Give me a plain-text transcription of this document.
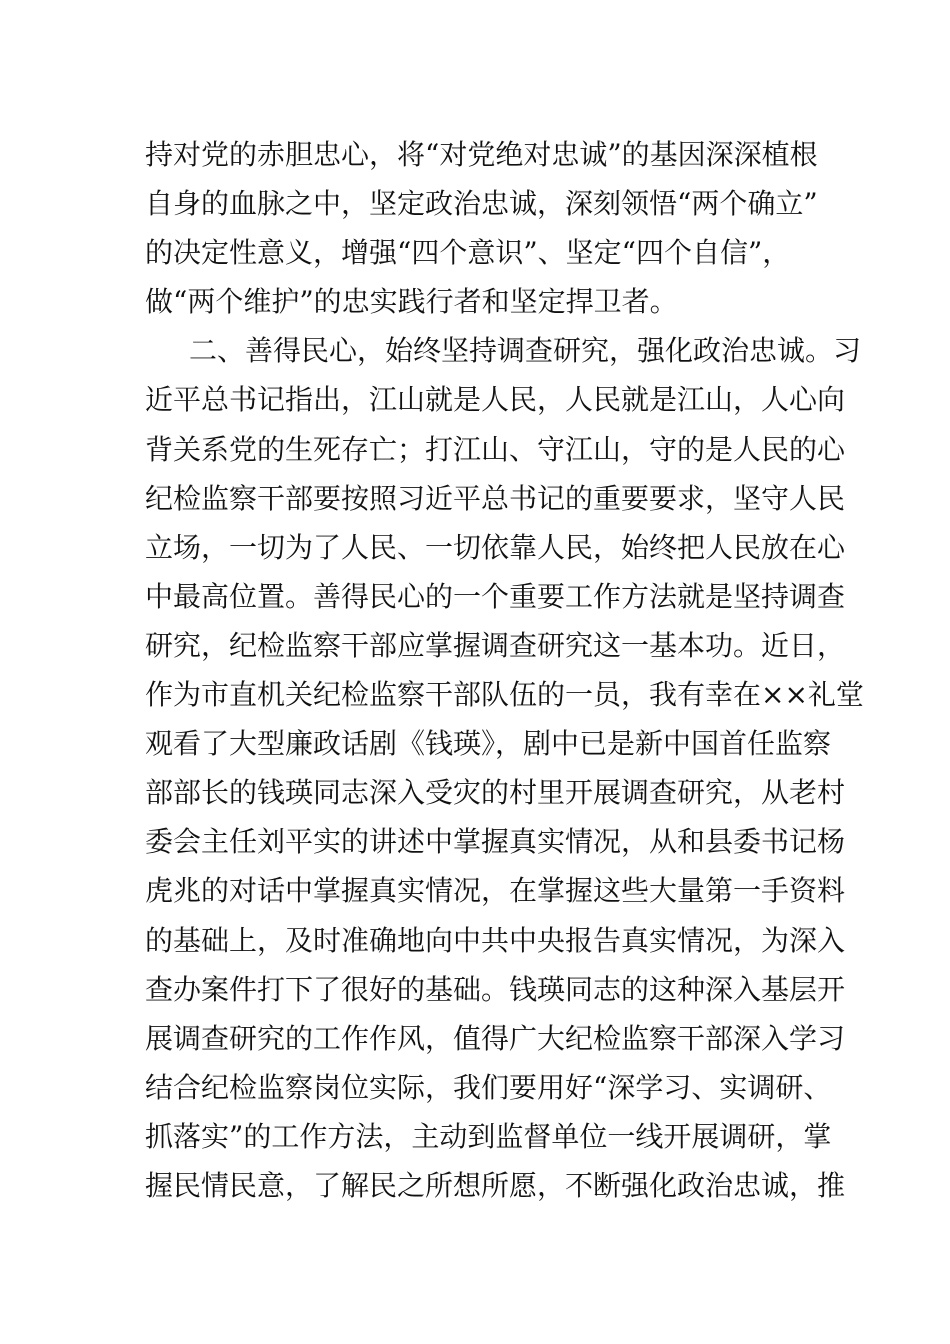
持对党的赤胆忠心，将“对党绝对忠诚”的基因深深植根
自身的血脉之中，坚定政治忠诚，深刻领悟“两个确立”
的决定性意义，增强“四个意识”、坚定“四个自信”，
做“两个维护”的忠实践行者和坚定捍卫者。
二、善得民心，始终坚持调查研究，强化政治忠诚。习
近平总书记指出，江山就是人民，人民就是江山，人心向
背关系党的生死存亡；打江山、守江山，守的是人民的心
纪检监察干部要按照习近平总书记的重要要求，坚守人民
立场，一切为了人民、一切依靠人民，始终把人民放在心
中最高位置。善得民心的一个重要工作方法就是坚持调查
研究，纪检监察干部应掌握调查研究这一基本功。近日，
作为市直机关纪检监察干部队伍的一员，我有幸在××礼堂
观看了大型廉政话剧《钱瑛》，剧中已是新中国首任监察
部部长的钱瑛同志深入受灾的村里开展调查研究，从老村
委会主任刘平实的讲述中掌握真实情况，从和县委书记杨
虎兆的对话中掌握真实情况，在掌握这些大量第一手资料
的基础上，及时准确地向中共中央报告真实情况，为深入
查办案件打下了很好的基础。钱瑛同志的这种深入基层开
展调查研究的工作作风，值得广大纪检监察干部深入学习
结合纪检监察岗位实际，我们要用好“深学习、实调研、
抓落实”的工作方法，主动到监督单位一线开展调研，掌
握民情民意，了解民之所想所愿，不断强化政治忠诚，推
